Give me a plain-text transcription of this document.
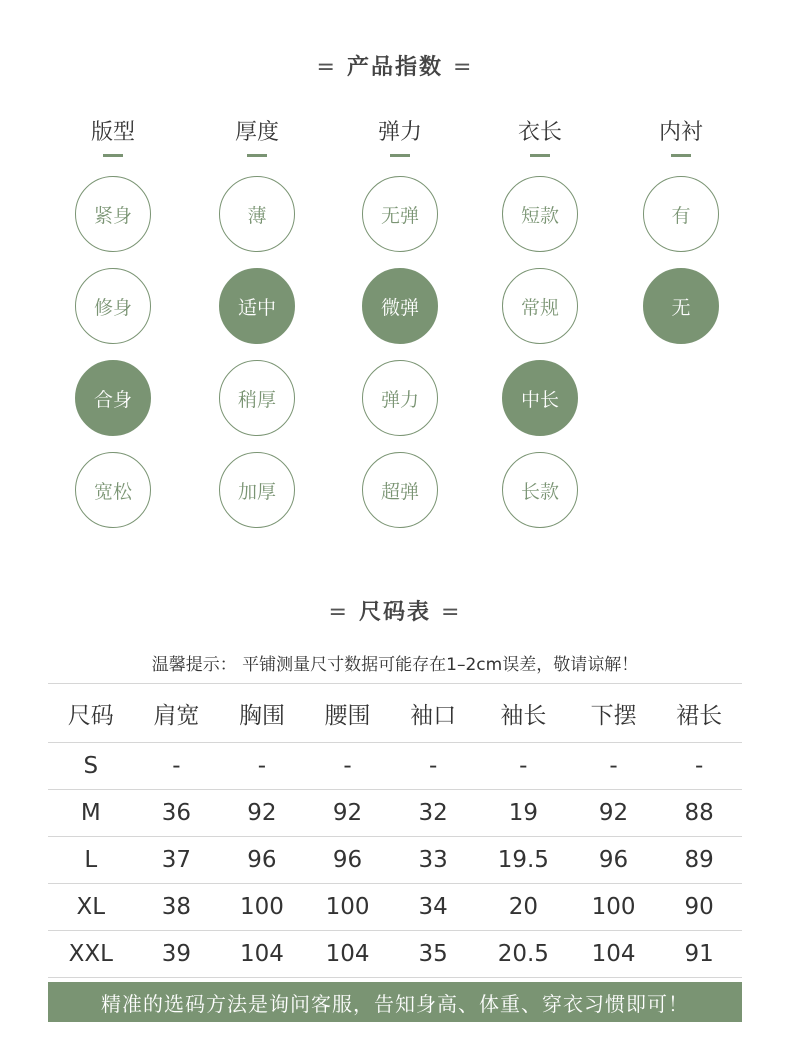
= 产品指数 =
版型
紧身
修身
合身
宽松
厚度
薄
适中
稍厚
加厚
弹力
无弹
微弹
弹力
超弹
衣长
短款
常规
中长
长款
内衬
有
无
= 尺码表 =
温馨提示： 平铺测量尺寸数据可能存在1–2cm误差，敬请谅解！
尺码	肩宽	胸围	腰围	袖口	袖长	下摆	裙长
S	-	-	-	-	-	-	-
M	36	92	92	32	19	92	88
L	37	96	96	33	19.5	96	89
XL	38	100	100	34	20	100	90
XXL	39	104	104	35	20.5	104	91
精准的选码方法是询问客服，告知身高、体重、穿衣习惯即可！
